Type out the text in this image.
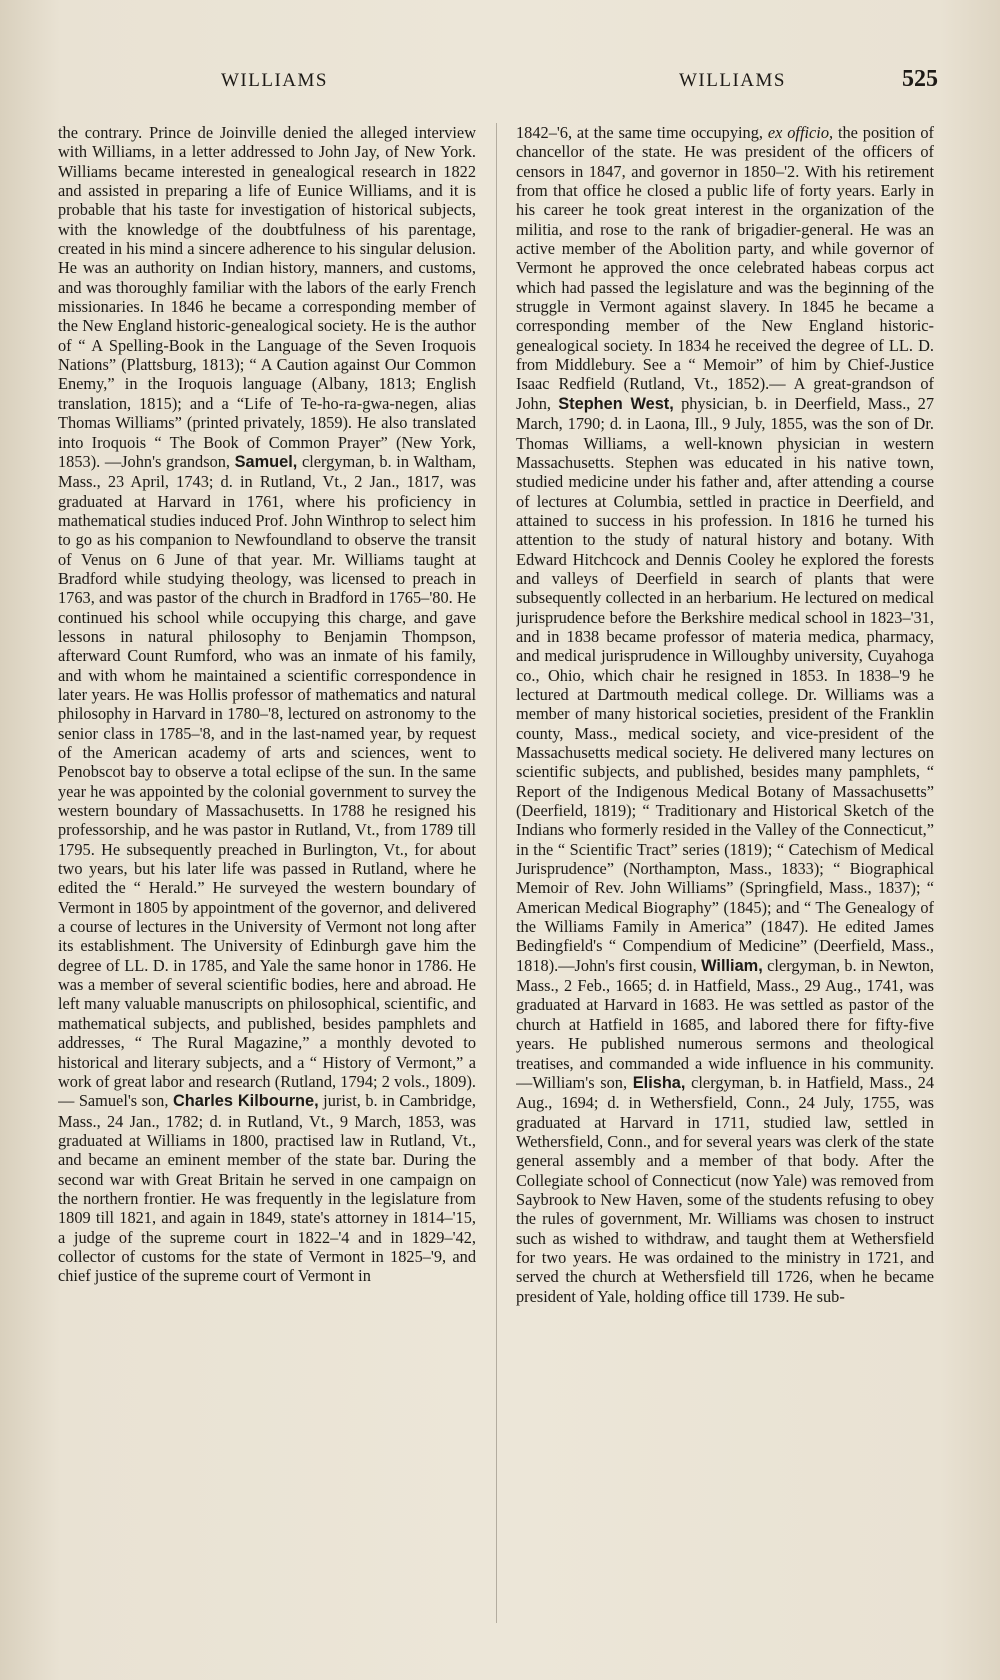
WILLIAMS	WILLIAMS	525

the contrary. Prince de Joinville denied the alleged interview with Williams, in a letter addressed to John Jay, of New York. Williams became interested in genealogical research in 1822 and assisted in preparing a life of Eunice Williams, and it is probable that his taste for investigation of historical subjects, with the knowledge of the doubtfulness of his parentage, created in his mind a sincere adherence to his singular delusion. He was an authority on Indian history, manners, and customs, and was thoroughly familiar with the labors of the early French missionaries. In 1846 he became a corresponding member of the New England historic-genealogical society. He is the author of “ A Spelling-Book in the Language of the Seven Iroquois Nations” (Plattsburg, 1813); “ A Caution against Our Common Enemy,” in the Iroquois language (Albany, 1813; English translation, 1815); and a “Life of Te-ho-ra-gwa-negen, alias Thomas Williams” (printed privately, 1859). He also translated into Iroquois “ The Book of Common Prayer” (New York, 1853). —John's grandson, Samuel, clergyman, b. in Waltham, Mass., 23 April, 1743; d. in Rutland, Vt., 2 Jan., 1817, was graduated at Harvard in 1761, where his proficiency in mathematical studies induced Prof. John Winthrop to select him to go as his companion to Newfoundland to observe the transit of Venus on 6 June of that year. Mr. Williams taught at Bradford while studying theology, was licensed to preach in 1763, and was pastor of the church in Bradford in 1765–'80. He continued his school while occupying this charge, and gave lessons in natural philosophy to Benjamin Thompson, afterward Count Rumford, who was an inmate of his family, and with whom he maintained a scientific correspondence in later years. He was Hollis professor of mathematics and natural philosophy in Harvard in 1780–'8, lectured on astronomy to the senior class in 1785–'8, and in the last-named year, by request of the American academy of arts and sciences, went to Penobscot bay to observe a total eclipse of the sun. In the same year he was appointed by the colonial government to survey the western boundary of Massachusetts. In 1788 he resigned his professorship, and he was pastor in Rutland, Vt., from 1789 till 1795. He subsequently preached in Burlington, Vt., for about two years, but his later life was passed in Rutland, where he edited the “ Herald.” He surveyed the western boundary of Vermont in 1805 by appointment of the governor, and delivered a course of lectures in the University of Vermont not long after its establishment. The University of Edinburgh gave him the degree of LL. D. in 1785, and Yale the same honor in 1786. He was a member of several scientific bodies, here and abroad. He left many valuable manuscripts on philosophical, scientific, and mathematical subjects, and published, besides pamphlets and addresses, “ The Rural Magazine,” a monthly devoted to historical and literary subjects, and a “ History of Vermont,” a work of great labor and research (Rutland, 1794; 2 vols., 1809).— Samuel's son, Charles Kilbourne, jurist, b. in Cambridge, Mass., 24 Jan., 1782; d. in Rutland, Vt., 9 March, 1853, was graduated at Williams in 1800, practised law in Rutland, Vt., and became an eminent member of the state bar. During the second war with Great Britain he served in one campaign on the northern frontier. He was frequently in the legislature from 1809 till 1821, and again in 1849, state's attorney in 1814–'15, a judge of the supreme court in 1822–'4 and in 1829–'42, collector of customs for the state of Vermont in 1825–'9, and chief justice of the supreme court of Vermont in

1842–'6, at the same time occupying, ex officio, the position of chancellor of the state. He was president of the officers of censors in 1847, and governor in 1850–'2. With his retirement from that office he closed a public life of forty years. Early in his career he took great interest in the organization of the militia, and rose to the rank of brigadier-general. He was an active member of the Abolition party, and while governor of Vermont he approved the once celebrated habeas corpus act which had passed the legislature and was the beginning of the struggle in Vermont against slavery. In 1845 he became a corresponding member of the New England historic-genealogical society. In 1834 he received the degree of LL. D. from Middlebury. See a “ Memoir” of him by Chief-Justice Isaac Redfield (Rutland, Vt., 1852).— A great-grandson of John, Stephen West, physician, b. in Deerfield, Mass., 27 March, 1790; d. in Laona, Ill., 9 July, 1855, was the son of Dr. Thomas Williams, a well-known physician in western Massachusetts. Stephen was educated in his native town, studied medicine under his father and, after attending a course of lectures at Columbia, settled in practice in Deerfield, and attained to success in his profession. In 1816 he turned his attention to the study of natural history and botany. With Edward Hitchcock and Dennis Cooley he explored the forests and valleys of Deerfield in search of plants that were subsequently collected in an herbarium. He lectured on medical jurisprudence before the Berkshire medical school in 1823–'31, and in 1838 became professor of materia medica, pharmacy, and medical jurisprudence in Willoughby university, Cuyahoga co., Ohio, which chair he resigned in 1853. In 1838–'9 he lectured at Dartmouth medical college. Dr. Williams was a member of many historical societies, president of the Franklin county, Mass., medical society, and vice-president of the Massachusetts medical society. He delivered many lectures on scientific subjects, and published, besides many pamphlets, “ Report of the Indigenous Medical Botany of Massachusetts” (Deerfield, 1819); “ Traditionary and Historical Sketch of the Indians who formerly resided in the Valley of the Connecticut,” in the “ Scientific Tract” series (1819); “ Catechism of Medical Jurisprudence” (Northampton, Mass., 1833); “ Biographical Memoir of Rev. John Williams” (Springfield, Mass., 1837); “ American Medical Biography” (1845); and “ The Genealogy of the Williams Family in America” (1847). He edited James Bedingfield's “ Compendium of Medicine” (Deerfield, Mass., 1818).—John's first cousin, William, clergyman, b. in Newton, Mass., 2 Feb., 1665; d. in Hatfield, Mass., 29 Aug., 1741, was graduated at Harvard in 1683. He was settled as pastor of the church at Hatfield in 1685, and labored there for fifty-five years. He published numerous sermons and theological treatises, and commanded a wide influence in his community.—William's son, Elisha, clergyman, b. in Hatfield, Mass., 24 Aug., 1694; d. in Wethersfield, Conn., 24 July, 1755, was graduated at Harvard in 1711, studied law, settled in Wethersfield, Conn., and for several years was clerk of the state general assembly and a member of that body. After the Collegiate school of Connecticut (now Yale) was removed from Saybrook to New Haven, some of the students refusing to obey the rules of government, Mr. Williams was chosen to instruct such as wished to withdraw, and taught them at Wethersfield for two years. He was ordained to the ministry in 1721, and served the church at Wethersfield till 1726, when he became president of Yale, holding office till 1739. He sub-
